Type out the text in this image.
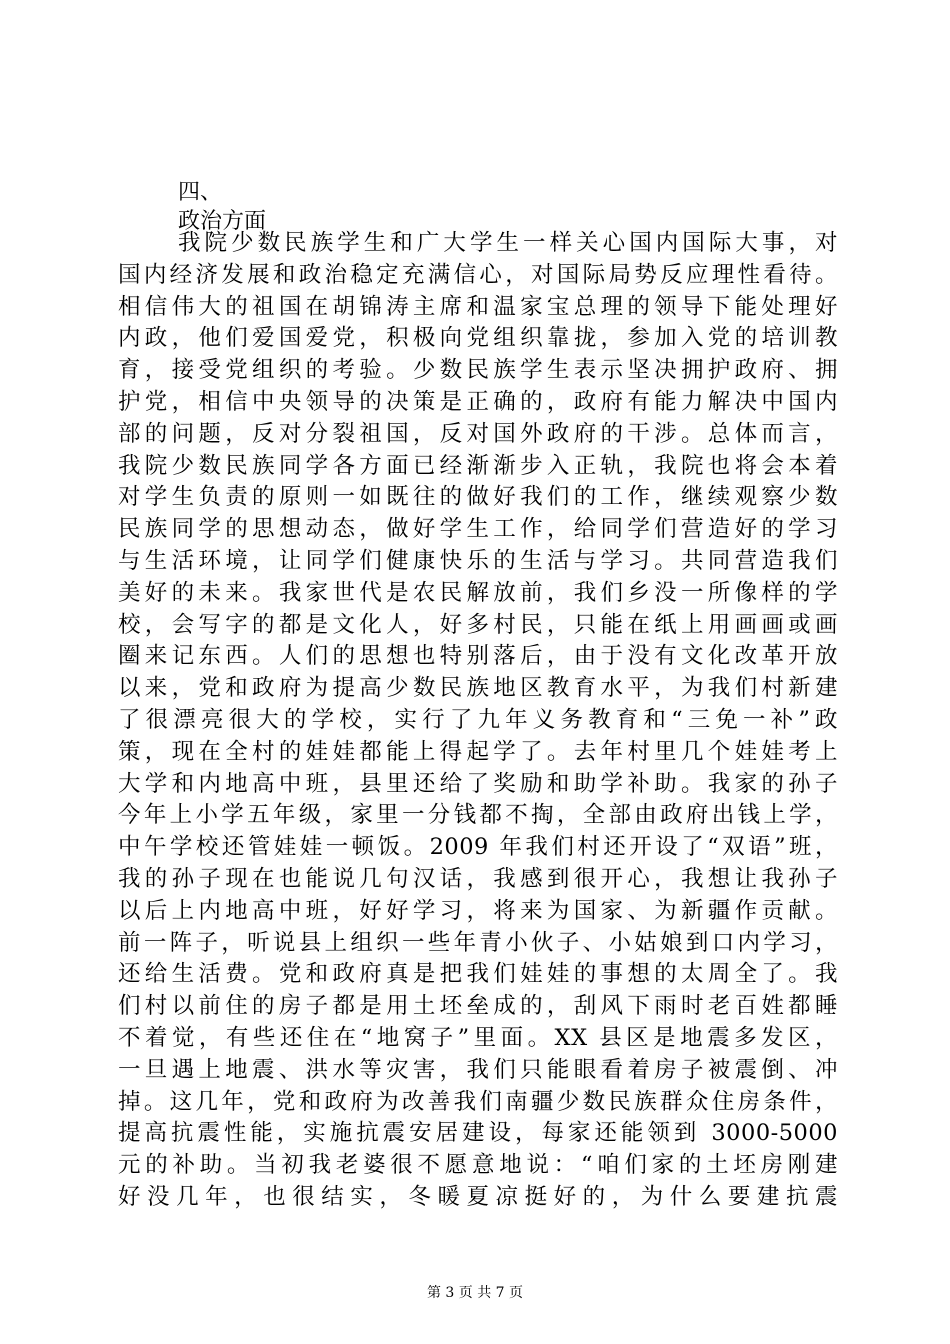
四、
政治方面
我院少数民族学生和广大学生一样关心国内国际大事，对
国内经济发展和政治稳定充满信心，对国际局势反应理性看待。
相信伟大的祖国在胡锦涛主席和温家宝总理的领导下能处理好
内政，他们爱国爱党，积极向党组织靠拢，参加入党的培训教
育，接受党组织的考验。少数民族学生表示坚决拥护政府、拥
护党，相信中央领导的决策是正确的，政府有能力解决中国内
部的问题，反对分裂祖国，反对国外政府的干涉。总体而言，
我院少数民族同学各方面已经渐渐步入正轨，我院也将会本着
对学生负责的原则一如既往的做好我们的工作，继续观察少数
民族同学的思想动态，做好学生工作，给同学们营造好的学习
与生活环境，让同学们健康快乐的生活与学习。共同营造我们
美好的未来。我家世代是农民解放前，我们乡没一所像样的学
校，会写字的都是文化人，好多村民，只能在纸上用画画或画
圈来记东西。人们的思想也特别落后，由于没有文化改革开放
以来，党和政府为提高少数民族地区教育水平，为我们村新建
了很漂亮很大的学校，实行了九年义务教育和“三免一补”政
策，现在全村的娃娃都能上得起学了。去年村里几个娃娃考上
大学和内地高中班，县里还给了奖励和助学补助。我家的孙子
今年上小学五年级，家里一分钱都不掏，全部由政府出钱上学，
中午学校还管娃娃一顿饭。2009 年我们村还开设了“双语”班，
我的孙子现在也能说几句汉话，我感到很开心，我想让我孙子
以后上内地高中班，好好学习，将来为国家、为新疆作贡献。
前一阵子，听说县上组织一些年青小伙子、小姑娘到口内学习，
还给生活费。党和政府真是把我们娃娃的事想的太周全了。我
们村以前住的房子都是用土坯垒成的，刮风下雨时老百姓都睡
不着觉，有些还住在“地窝子”里面。XX 县区是地震多发区，
一旦遇上地震、洪水等灾害，我们只能眼看着房子被震倒、冲
掉。这几年，党和政府为改善我们南疆少数民族群众住房条件，
提高抗震性能，实施抗震安居建设，每家还能领到 3000-5000
元的补助。当初我老婆很不愿意地说：“咱们家的土坯房刚建
好没几年，也很结实，冬暖夏凉挺好的，为什么要建抗震
第 3 页 共 7 页
